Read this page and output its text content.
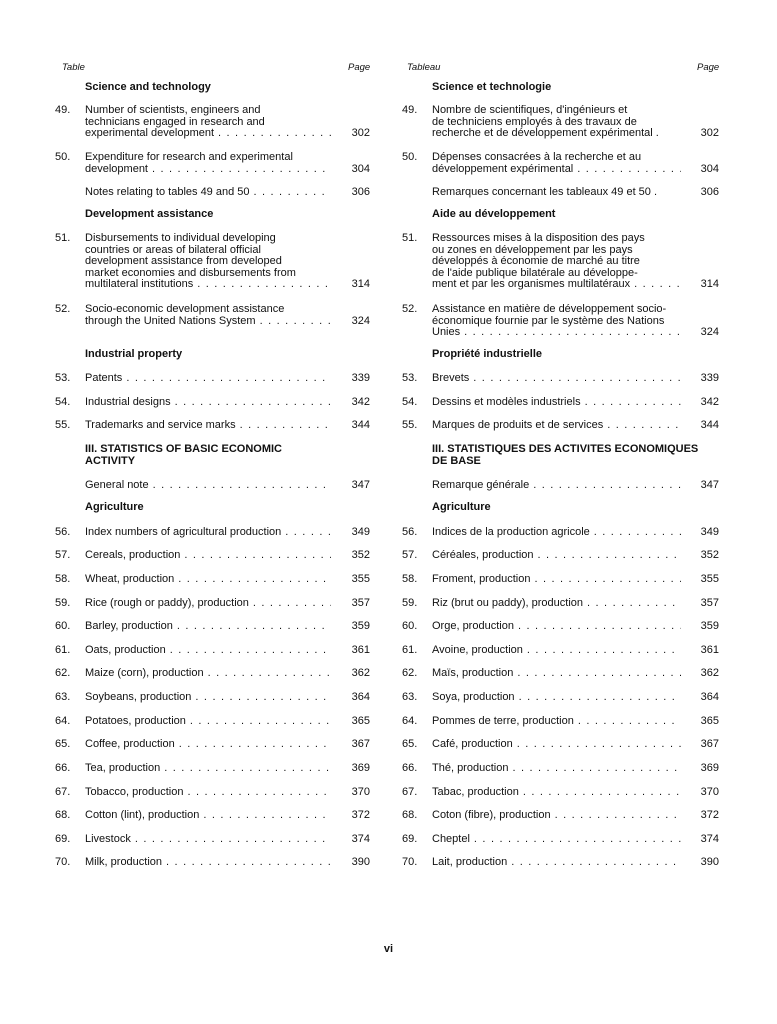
Table	Page	Tableau	Page
Science and technology
49. Number of scientists, engineers and
technicians engaged in research and
experimental development . . .	302
50. Expenditure for research and experimental
development . . .	304
Notes relating to tables 49 and 50 . . .	306
Development assistance
51. Disbursements to individual developing
countries or areas of bilateral official
development assistance from developed
market economies and disbursements from
multilateral institutions . . .	314
52. Socio-economic development assistance
through the United Nations System . . .	324
Industrial property
53. Patents . . .	339
54. Industrial designs . . .	342
55. Trademarks and service marks . . .	344
III. STATISTICS OF BASIC ECONOMIC
ACTIVITY
General note . . .	347
Agriculture
56. Index numbers of agricultural production . . .	349
57. Cereals, production . . .	352
58. Wheat, production . . .	355
59. Rice (rough or paddy), production . . .	357
60. Barley, production . . .	359
61. Oats, production . . .	361
62. Maize (corn), production . . .	362
63. Soybeans, production . . .	364
64. Potatoes, production . . .	365
65. Coffee, production . . .	367
66. Tea, production . . .	369
67. Tobacco, production . . .	370
68. Cotton (lint), production . . .	372
69. Livestock . . .	374
70. Milk, production . . .	390
Science et technologie
49. Nombre de scientifiques, d'ingénieurs et
de techniciens employés à des travaux de
recherche et de développement expérimental .	302
50. Dépenses consacrées à la recherche et au
développement expérimental . . .	304
Remarques concernant les tableaux 49 et 50 .	306
Aide au développement
51. Ressources mises à la disposition des pays
ou zones en développement par les pays
développés à économie de marché au titre
de l'aide publique bilatérale au développe-
ment et par les organismes multilatéraux . . .	314
52. Assistance en matière de développement socio-
économique fournie par le système des Nations
Unies . . .	324
Propriété industrielle
53. Brevets . . .	339
54. Dessins et modèles industriels . . .	342
55. Marques de produits et de services . . .	344
III. STATISTIQUES DES ACTIVITES ECONOMIQUES
DE BASE
Remarque générale . . .	347
Agriculture
56. Indices de la production agricole . . .	349
57. Céréales, production . . .	352
58. Froment, production . . .	355
59. Riz (brut ou paddy), production . . .	357
60. Orge, production . . .	359
61. Avoine, production . . .	361
62. Maïs, production . . .	362
63. Soya, production . . .	364
64. Pommes de terre, production . . .	365
65. Café, production . . .	367
66. Thé, production . . .	369
67. Tabac, production . . .	370
68. Coton (fibre), production . . .	372
69. Cheptel . . .	374
70. Lait, production . . .	390
vi
